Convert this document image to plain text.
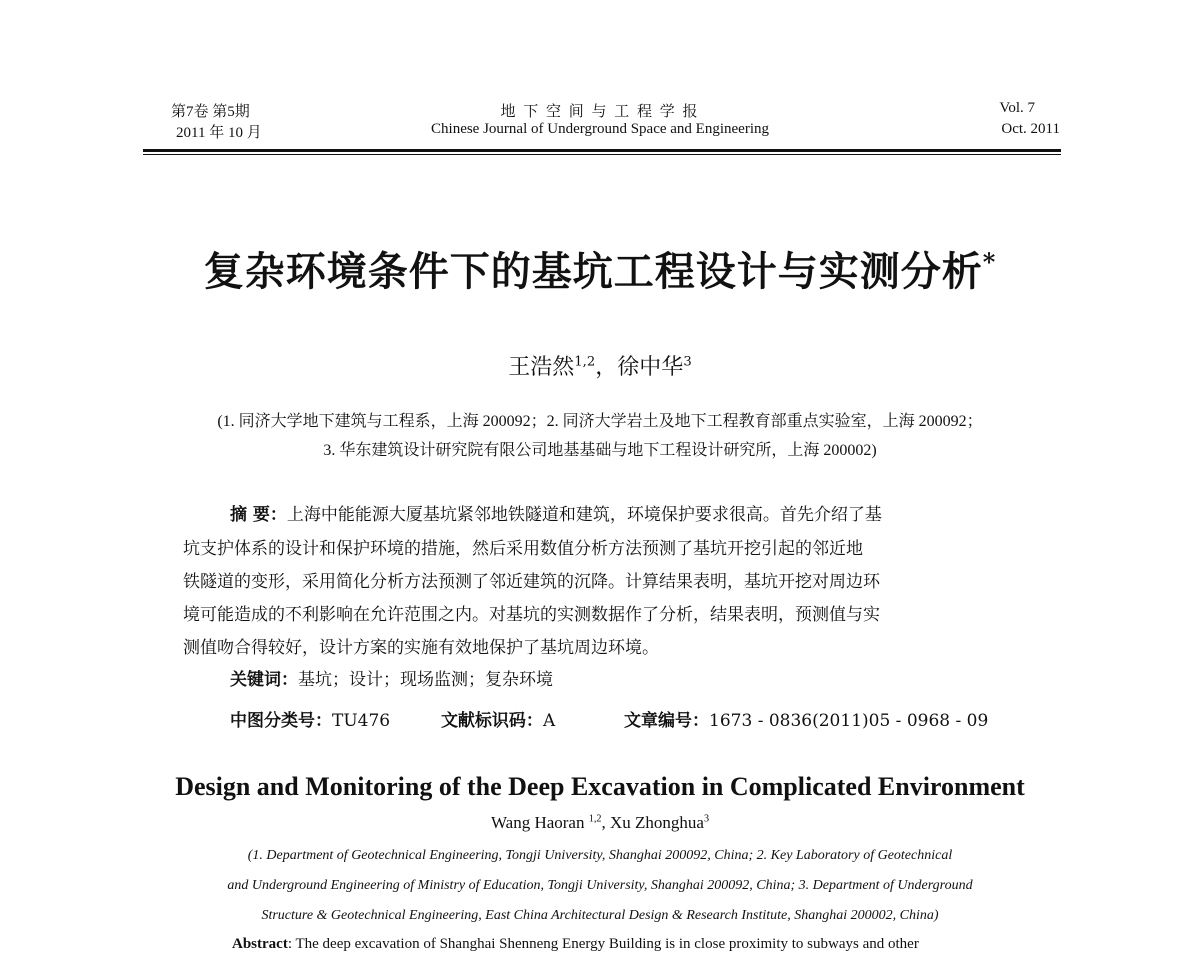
第7卷 第5期
2011 年 10 月
地 下 空 间 与 工 程 学 报
Chinese Journal of Underground Space and Engineering
Vol. 7
Oct. 2011
复杂环境条件下的基坑工程设计与实测分析*
王浩然$^{1,2}$，徐中华$^3$
(1. 同济大学地下建筑与工程系，上海 200092；2. 同济大学岩土及地下工程教育部重点实验室，上海 200092；
3. 华东建筑设计研究院有限公司地基基础与地下工程设计研究所，上海 200002)
摘 要：上海中能能源大厦基坑紧邻地铁隧道和建筑，环境保护要求很高。首先介绍了基
坑支护体系的设计和保护环境的措施，然后采用数值分析方法预测了基坑开挖引起的邻近地
铁隧道的变形，采用简化分析方法预测了邻近建筑的沉降。计算结果表明，基坑开挖对周边环
境可能造成的不利影响在允许范围之内。对基坑的实测数据作了分析，结果表明，预测值与实
测值吻合得较好，设计方案的实施有效地保护了基坑周边环境。
关键词：基坑；设计；现场监测；复杂环境
中图分类号：TU476	文献标识码：A	文章编号：1673 - 0836(2011)05 - 0968 - 09
Design and Monitoring of the Deep Excavation in Complicated Environment
Wang Haoran $^{1,2}$, Xu Zhonghua$^3$
(1. Department of Geotechnical Engineering, Tongji University, Shanghai 200092, China; 2. Key Laboratory of Geotechnical
and Underground Engineering of Ministry of Education, Tongji University, Shanghai 200092, China; 3. Department of Underground
Structure & Geotechnical Engineering, East China Architectural Design & Research Institute, Shanghai 200002, China)
Abstract: The deep excavation of Shanghai Shenneng Energy Building is in close proximity to subways and other
